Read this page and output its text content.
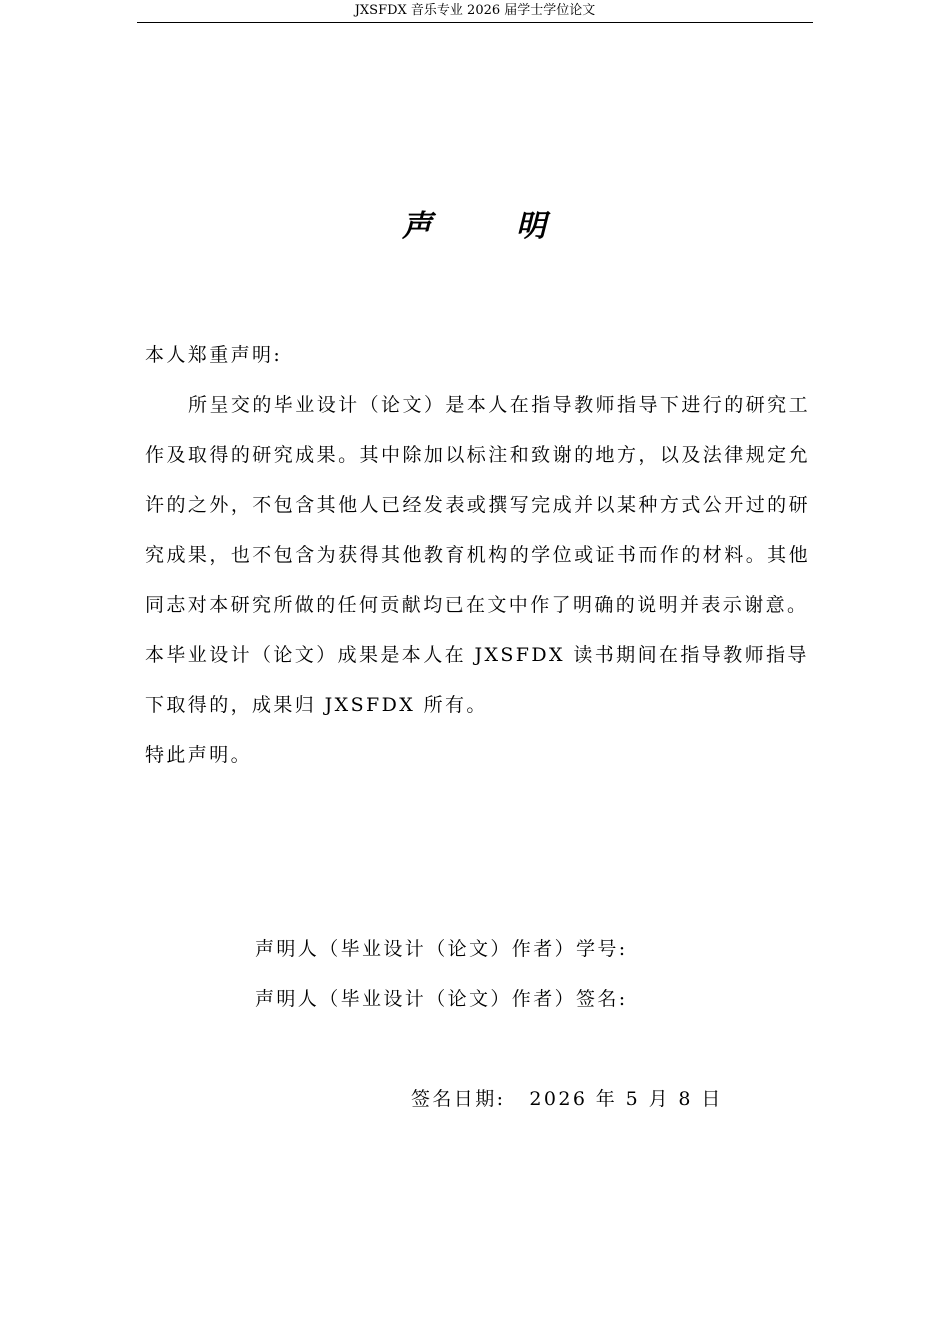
JXSFDX 音乐专业 2026 届学士学位论文
声	明

本人郑重声明:

所呈交的毕业设计（论文）是本人在指导教师指导下进行的研究工作及取得的研究成果。其中除加以标注和致谢的地方，以及法律规定允许的之外，不包含其他人已经发表或撰写完成并以某种方式公开过的研究成果，也不包含为获得其他教育机构的学位或证书而作的材料。其他同志对本研究所做的任何贡献均已在文中作了明确的说明并表示谢意。

本毕业设计（论文）成果是本人在 JXSFDX 读书期间在指导教师指导下取得的，成果归 JXSFDX 所有。

特此声明。

声明人（毕业设计（论文）作者）学号:
声明人（毕业设计（论文）作者）签名:
签名日期: 2026 年 5 月 8 日
